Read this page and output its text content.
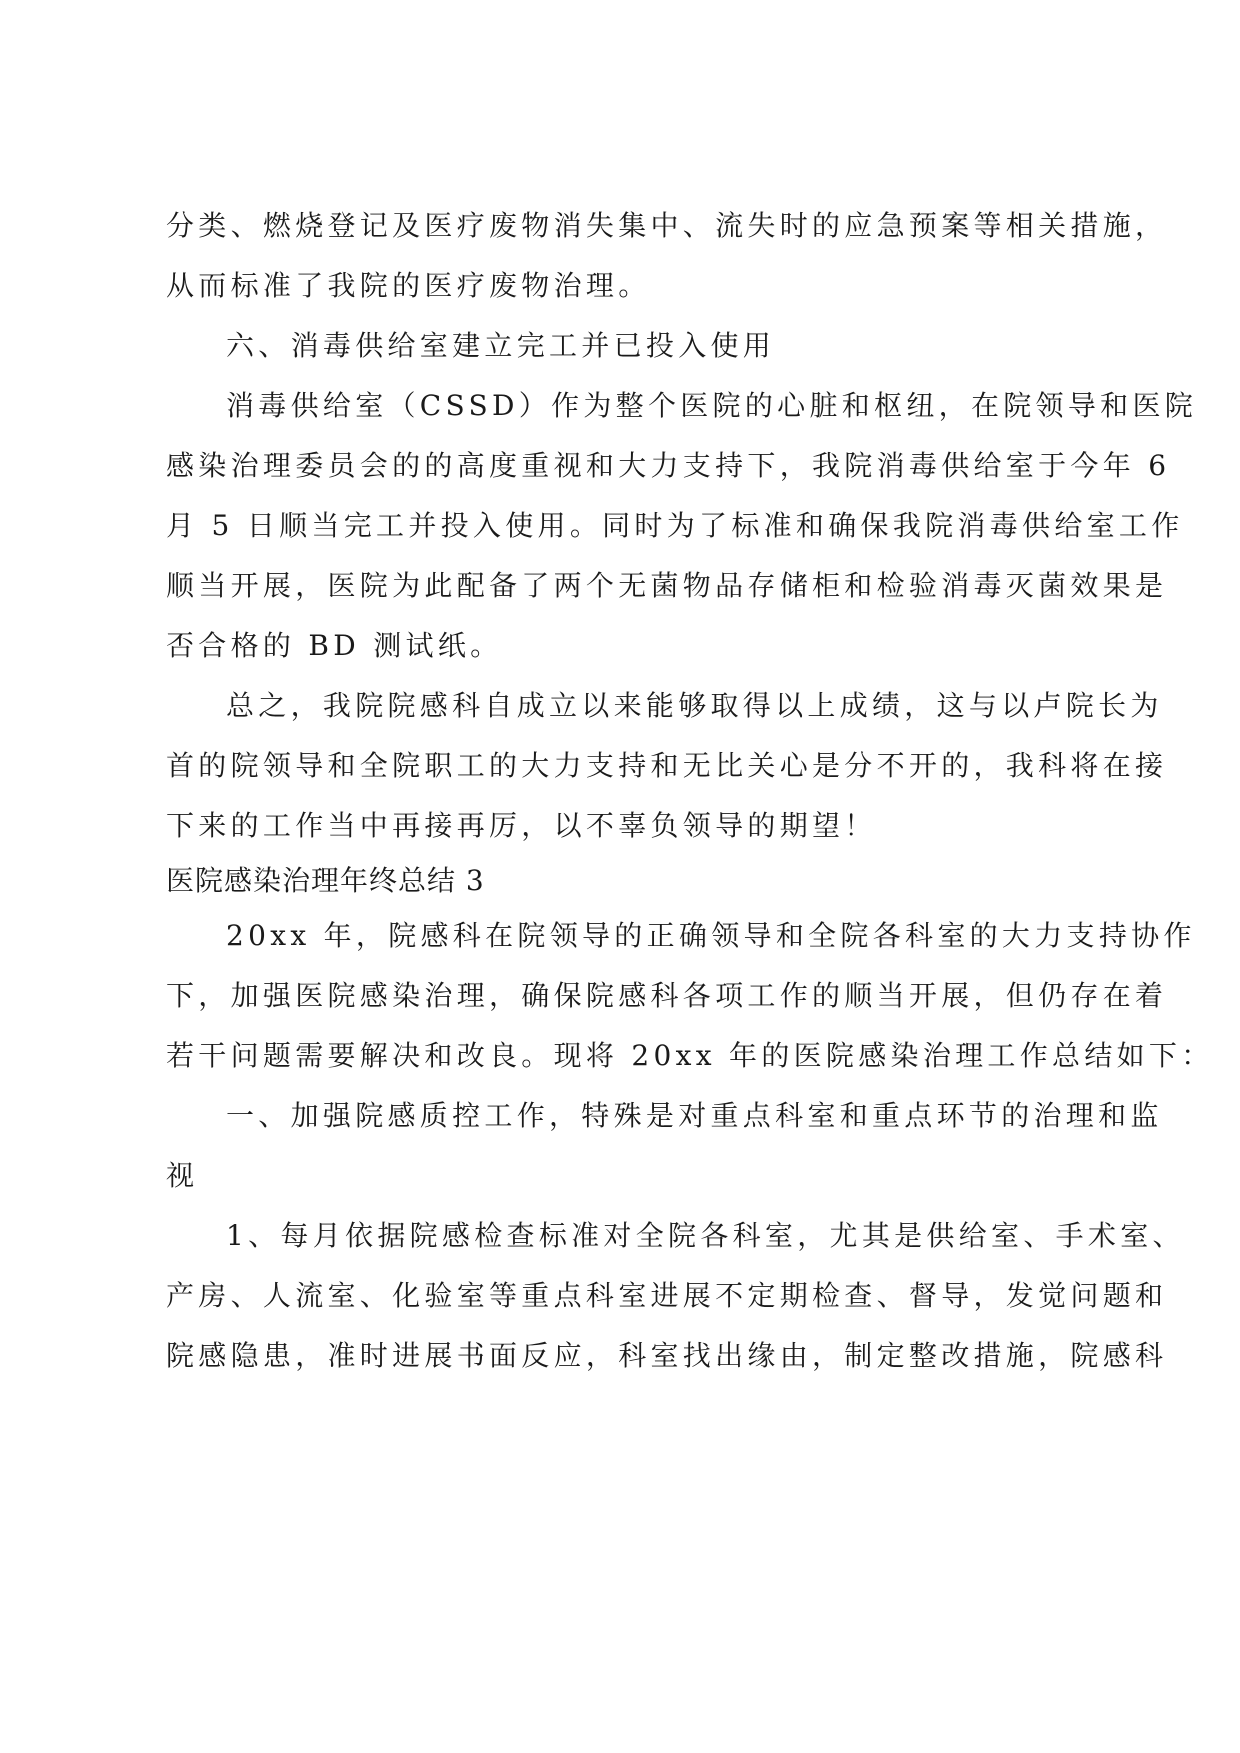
分类、燃烧登记及医疗废物消失集中、流失时的应急预案等相关措施，
从而标准了我院的医疗废物治理。
六、消毒供给室建立完工并已投入使用
消毒供给室（CSSD）作为整个医院的心脏和枢纽，在院领导和医院
感染治理委员会的的高度重视和大力支持下，我院消毒供给室于今年 6
月 5 日顺当完工并投入使用。同时为了标准和确保我院消毒供给室工作
顺当开展，医院为此配备了两个无菌物品存储柜和检验消毒灭菌效果是
否合格的 BD 测试纸。
总之，我院院感科自成立以来能够取得以上成绩，这与以卢院长为
首的院领导和全院职工的大力支持和无比关心是分不开的，我科将在接
下来的工作当中再接再厉，以不辜负领导的期望！
医院感染治理年终总结 3
20xx 年，院感科在院领导的正确领导和全院各科室的大力支持协作
下，加强医院感染治理，确保院感科各项工作的顺当开展，但仍存在着
若干问题需要解决和改良。现将 20xx 年的医院感染治理工作总结如下：
一、加强院感质控工作，特殊是对重点科室和重点环节的治理和监
视
1、每月依据院感检查标准对全院各科室，尤其是供给室、手术室、
产房、人流室、化验室等重点科室进展不定期检查、督导，发觉问题和
院感隐患，准时进展书面反应，科室找出缘由，制定整改措施，院感科
